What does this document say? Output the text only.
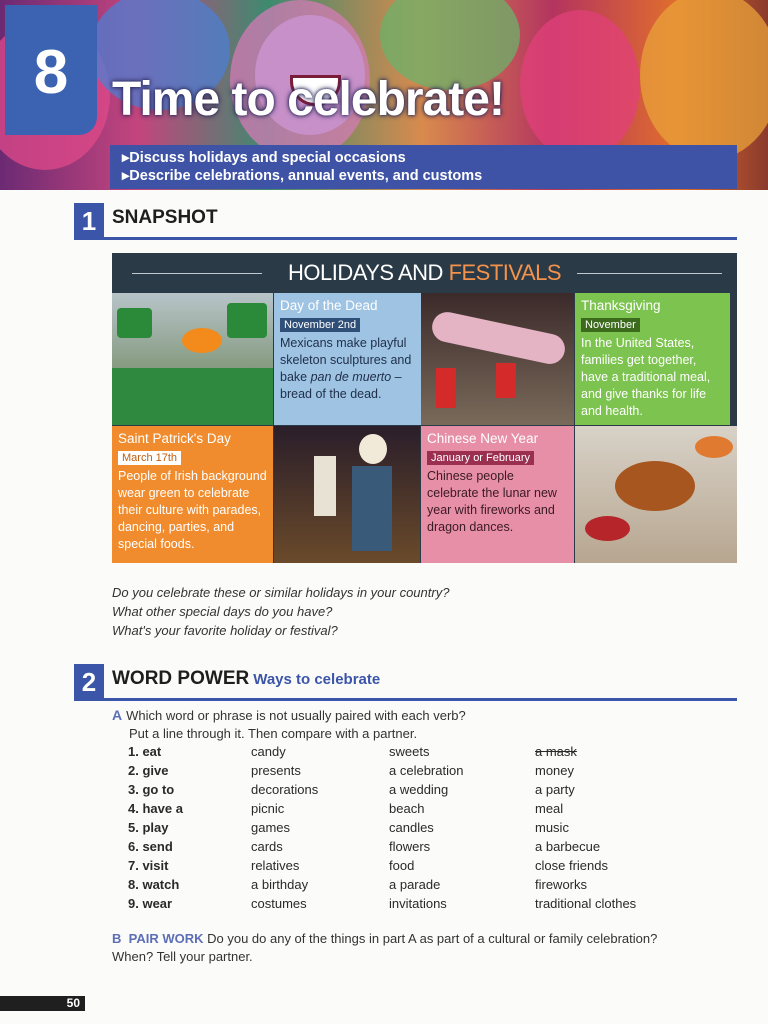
8 Time to celebrate!
▸ Discuss holidays and special occasions
▸ Describe celebrations, annual events, and customs
1 SNAPSHOT
HOLIDAYS AND FESTIVALS
Day of the Dead
November 2nd
Mexicans make playful skeleton sculptures and bake pan de muerto – bread of the dead.
Thanksgiving
November
In the United States, families get together, have a traditional meal, and give thanks for life and health.
Saint Patrick's Day
March 17th
People of Irish background wear green to celebrate their culture with parades, dancing, parties, and special foods.
Chinese New Year
January or February
Chinese people celebrate the lunar new year with fireworks and dragon dances.
Do you celebrate these or similar holidays in your country?
What other special days do you have?
What's your favorite holiday or festival?
2 WORD POWER Ways to celebrate
A Which word or phrase is not usually paired with each verb?
Put a line through it. Then compare with a partner.
1. eat	candy	sweets	a mask
2. give	presents	a celebration	money
3. go to	decorations	a wedding	a party
4. have a	picnic	beach	meal
5. play	games	candles	music
6. send	cards	flowers	a barbecue
7. visit	relatives	food	close friends
8. watch	a birthday	a parade	fireworks
9. wear	costumes	invitations	traditional clothes
B PAIR WORK Do you do any of the things in part A as part of a cultural or family celebration? When? Tell your partner.
50
